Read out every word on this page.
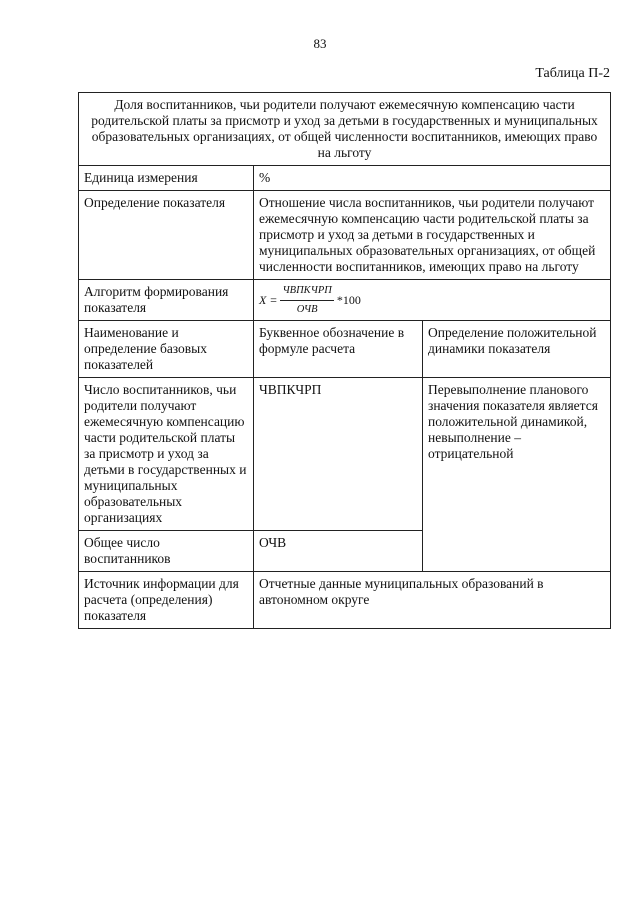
83
Таблица П-2
Доля воспитанников, чьи родители получают ежемесячную компенсацию части родительской платы за присмотр и уход за детьми в государственных и муниципальных образовательных организациях, от общей численности воспитанников, имеющих право на льготу		
Единица измерения	%	
Определение показателя	Отношение числа воспитанников, чьи родители получают ежемесячную компенсацию части родительской платы за присмотр и уход за детьми в государственных и муниципальных образовательных организациях, от общей численности воспитанников, имеющих право на льготу	
Алгоритм формирования показателя	$X = \frac{\text{ЧВПКЧРП}}{\text{ОЧВ}} *100$	

Наименование и определение базовых показателей	Буквенное обозначение в формуле расчета	Определение положительной динамики показателя
Число воспитанников, чьи родители получают ежемесячную компенсацию части родительской платы за присмотр и уход за детьми в государственных и муниципальных образовательных организациях	ЧВПКЧРП	Перевыполнение планового значения показателя является положительной динамикой, невыполнение – отрицательной
Общее число воспитанников	ОЧВ	
Источник информации для расчета (определения) показателя	Отчетные данные муниципальных образований в автономном округе	
